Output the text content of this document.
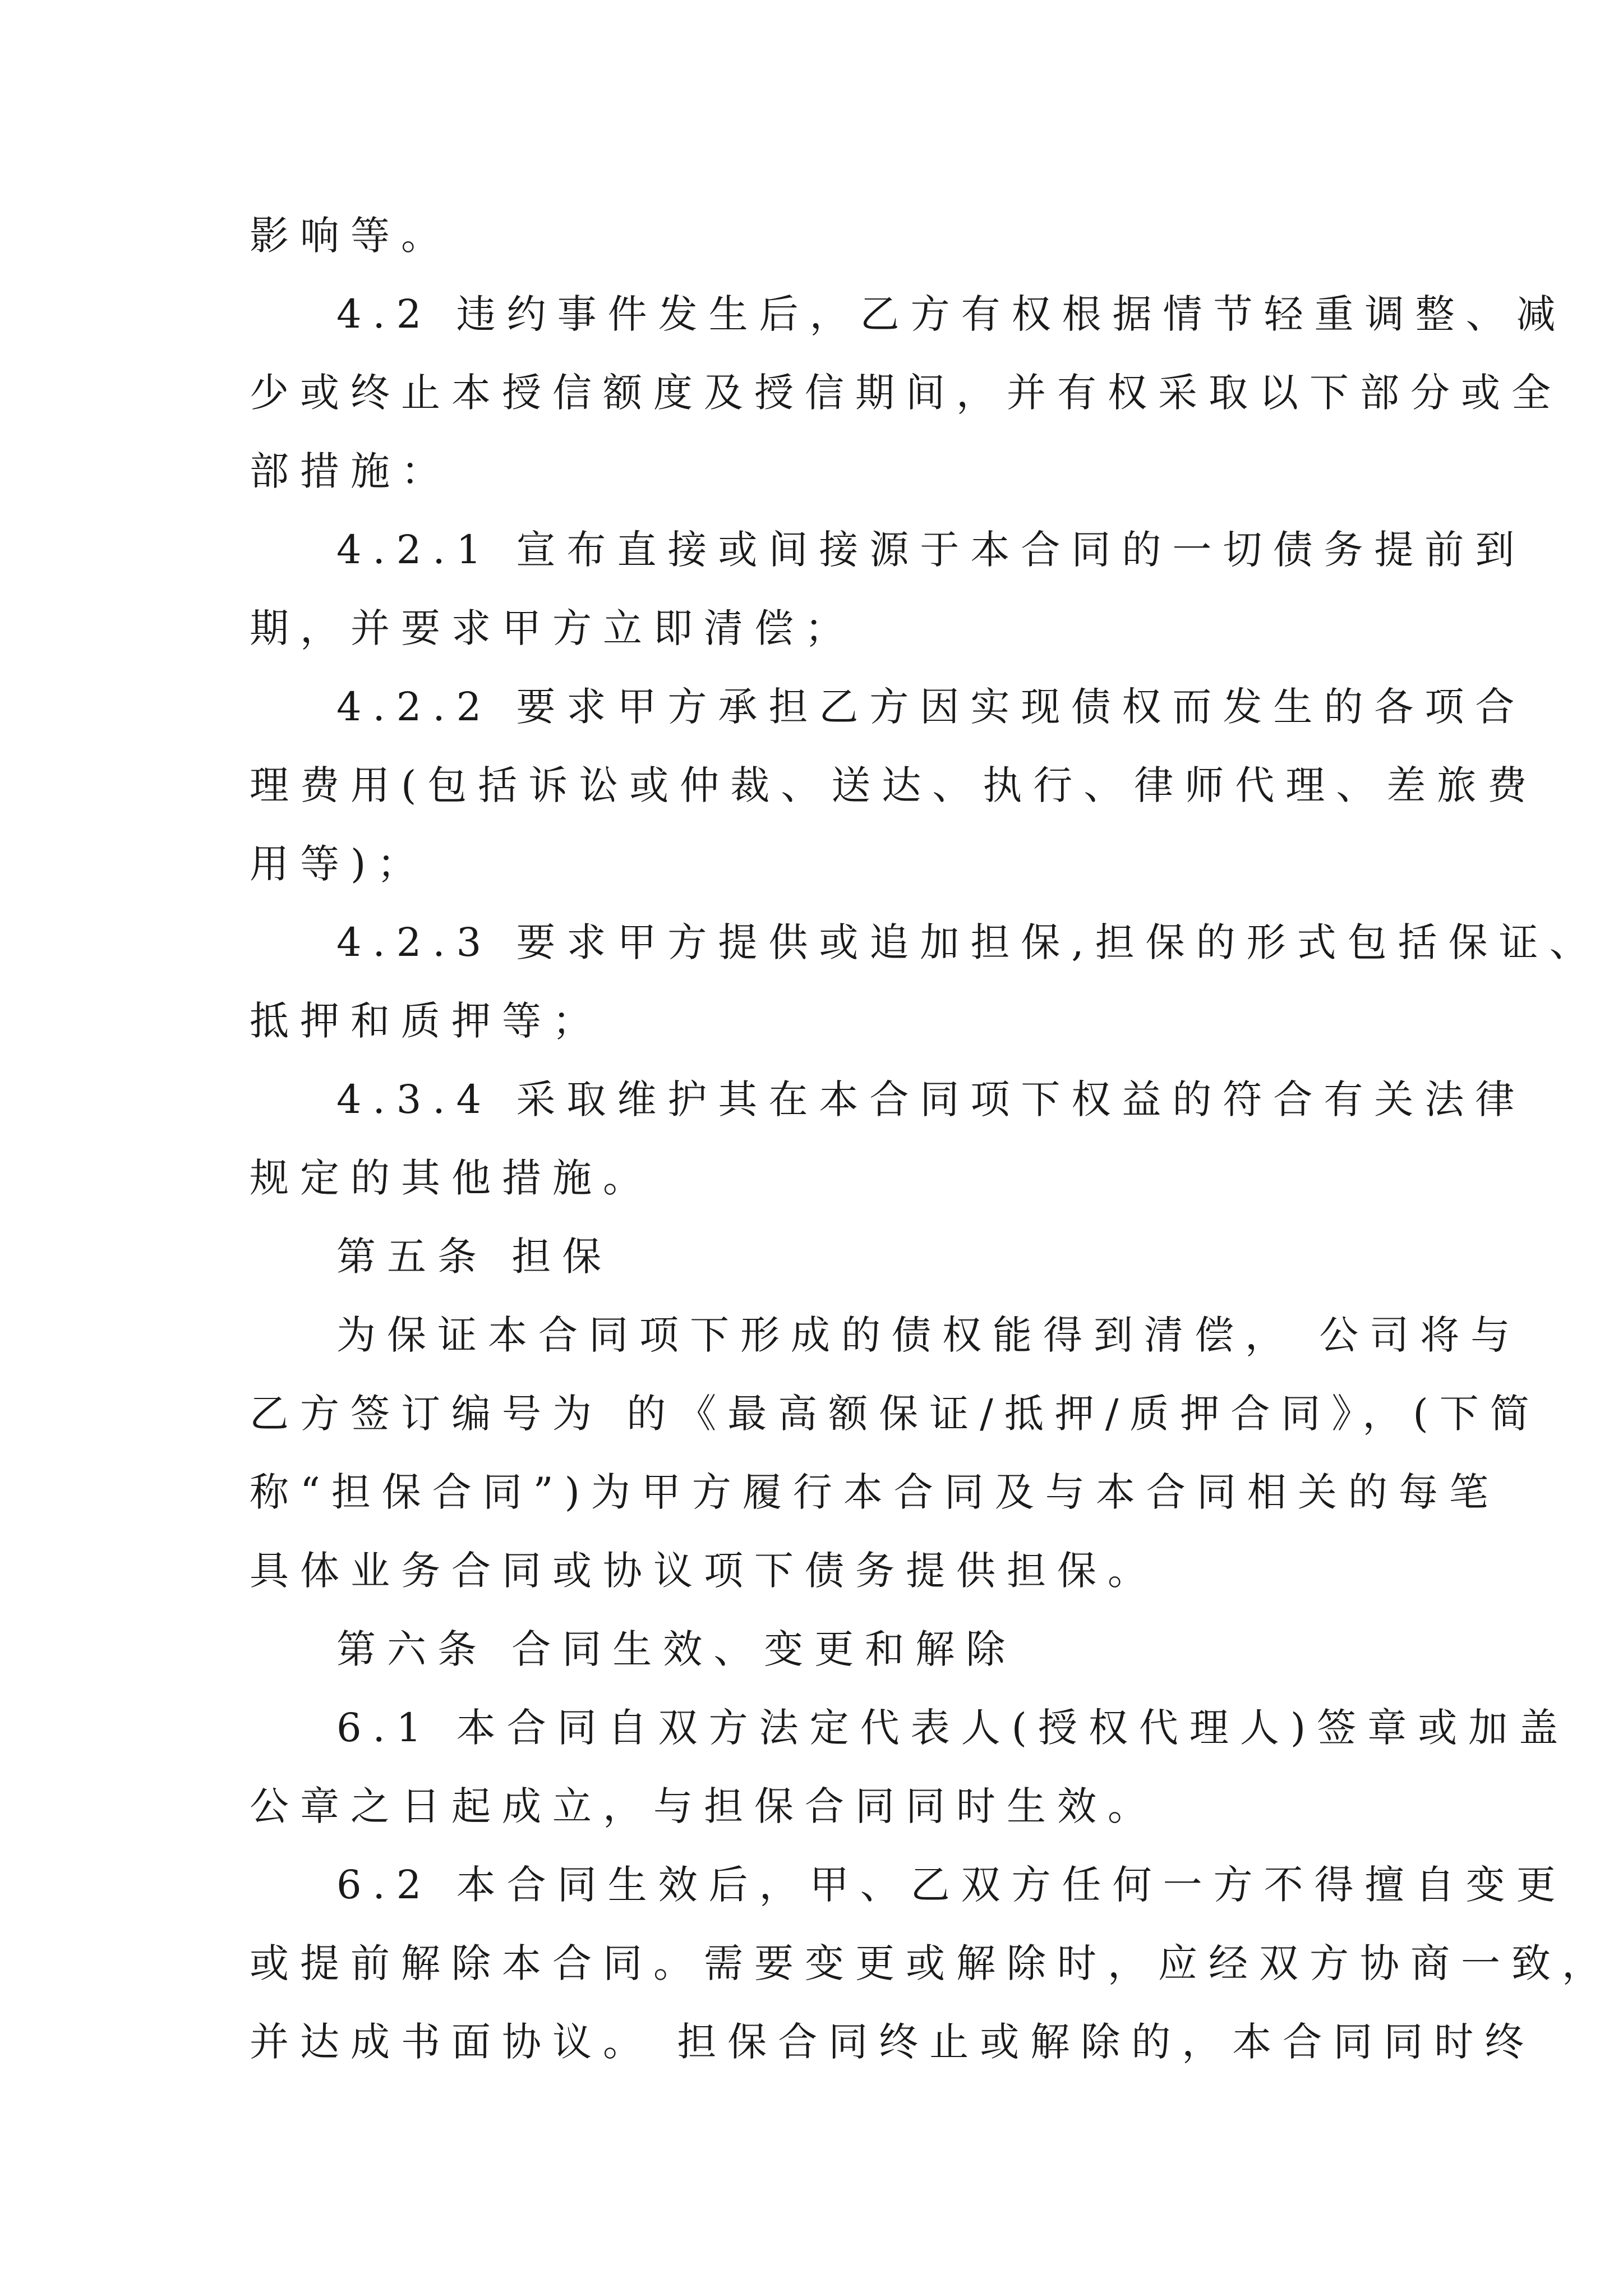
影响等。
4.2 违约事件发生后，乙方有权根据情节轻重调整、减
少或终止本授信额度及授信期间，并有权采取以下部分或全
部措施：
4.2.1 宣布直接或间接源于本合同的一切债务提前到
期，并要求甲方立即清偿；
4.2.2 要求甲方承担乙方因实现债权而发生的各项合
理费用(包括诉讼或仲裁、送达、执行、律师代理、差旅费
用等)；
4.2.3 要求甲方提供或追加担保,担保的形式包括保证、
抵押和质押等；
4.3.4 采取维护其在本合同项下权益的符合有关法律
规定的其他措施。
第五条 担保
为保证本合同项下形成的债权能得到清偿， 公司将与
乙方签订编号为 的《最高额保证/抵押/质押合同》，(下简
称“担保合同”)为甲方履行本合同及与本合同相关的每笔
具体业务合同或协议项下债务提供担保。
第六条 合同生效、变更和解除
6.1 本合同自双方法定代表人(授权代理人)签章或加盖
公章之日起成立，与担保合同同时生效。
6.2 本合同生效后，甲、乙双方任何一方不得擅自变更
或提前解除本合同。需要变更或解除时，应经双方协商一致，
并达成书面协议。 担保合同终止或解除的，本合同同时终
